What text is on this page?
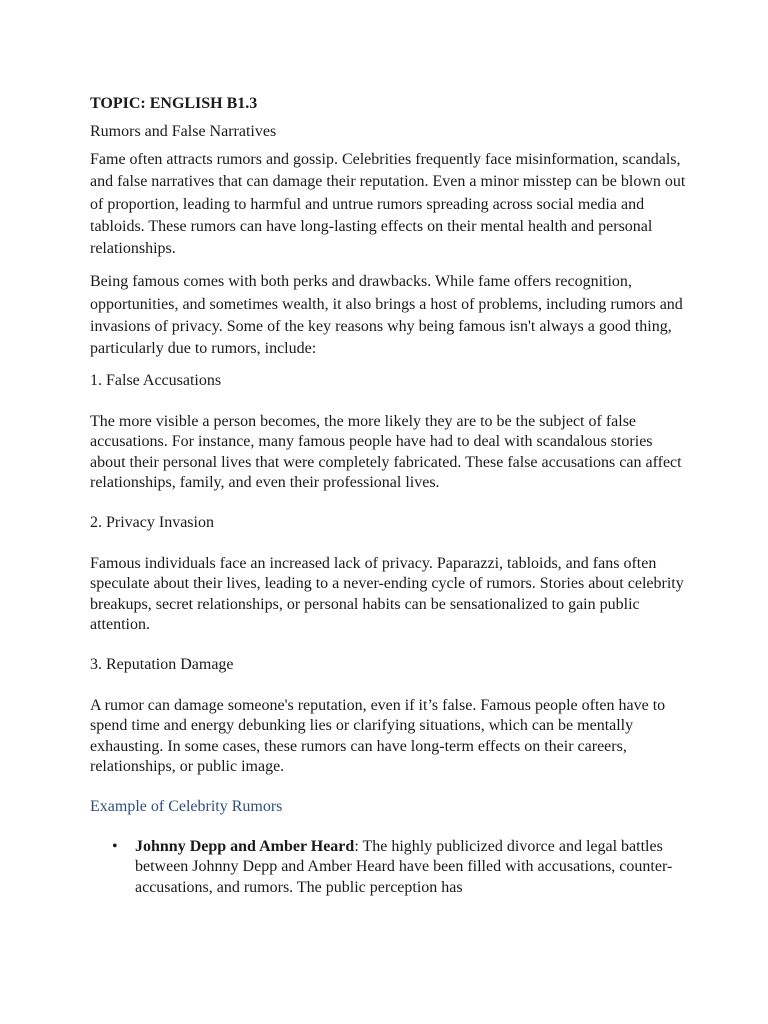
TOPIC: ENGLISH B1.3
Rumors and False Narratives

Fame often attracts rumors and gossip. Celebrities frequently face misinformation, scandals, and false narratives that can damage their reputation. Even a minor misstep can be blown out of proportion, leading to harmful and untrue rumors spreading across social media and tabloids. These rumors can have long-lasting effects on their mental health and personal relationships.

Being famous comes with both perks and drawbacks. While fame offers recognition, opportunities, and sometimes wealth, it also brings a host of problems, including rumors and invasions of privacy. Some of the key reasons why being famous isn't always a good thing, particularly due to rumors, include:

1. False Accusations

The more visible a person becomes, the more likely they are to be the subject of false accusations. For instance, many famous people have had to deal with scandalous stories about their personal lives that were completely fabricated. These false accusations can affect relationships, family, and even their professional lives.

2. Privacy Invasion

Famous individuals face an increased lack of privacy. Paparazzi, tabloids, and fans often speculate about their lives, leading to a never-ending cycle of rumors. Stories about celebrity breakups, secret relationships, or personal habits can be sensationalized to gain public attention.

3. Reputation Damage

A rumor can damage someone's reputation, even if it’s false. Famous people often have to spend time and energy debunking lies or clarifying situations, which can be mentally exhausting. In some cases, these rumors can have long-term effects on their careers, relationships, or public image.

Example of Celebrity Rumors
• Johnny Depp and Amber Heard: The highly publicized divorce and legal battles between Johnny Depp and Amber Heard have been filled with accusations, counter-accusations, and rumors. The public perception has
